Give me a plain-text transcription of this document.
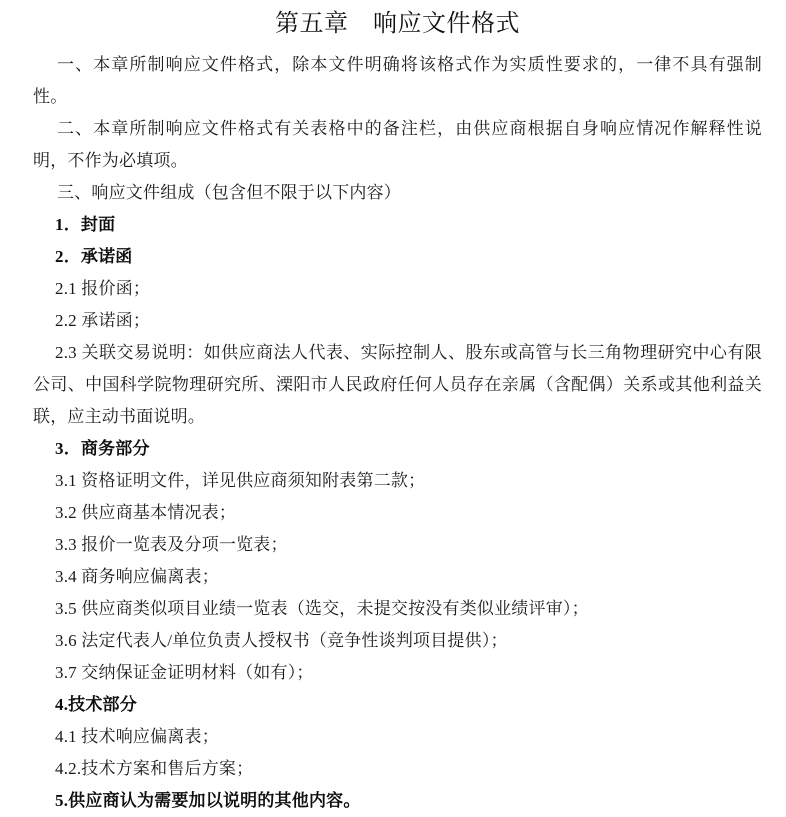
第五章　响应文件格式

一、本章所制响应文件格式，除本文件明确将该格式作为实质性要求的，一律不具有强制性。

二、本章所制响应文件格式有关表格中的备注栏，由供应商根据自身响应情况作解释性说明，不作为必填项。

三、响应文件组成（包含但不限于以下内容）

1．封面

2．承诺函

2.1 报价函；

2.2 承诺函；

2.3 关联交易说明：如供应商法人代表、实际控制人、股东或高管与长三角物理研究中心有限公司、中国科学院物理研究所、溧阳市人民政府任何人员存在亲属（含配偶）关系或其他利益关联，应主动书面说明。

3．商务部分

3.1 资格证明文件，详见供应商须知附表第二款；

3.2 供应商基本情况表；

3.3 报价一览表及分项一览表；

3.4 商务响应偏离表；

3.5 供应商类似项目业绩一览表（选交，未提交按没有类似业绩评审）；

3.6 法定代表人/单位负责人授权书（竞争性谈判项目提供）；

3.7 交纳保证金证明材料（如有）；

4.技术部分

4.1 技术响应偏离表；

4.2.技术方案和售后方案；

5.供应商认为需要加以说明的其他内容。
